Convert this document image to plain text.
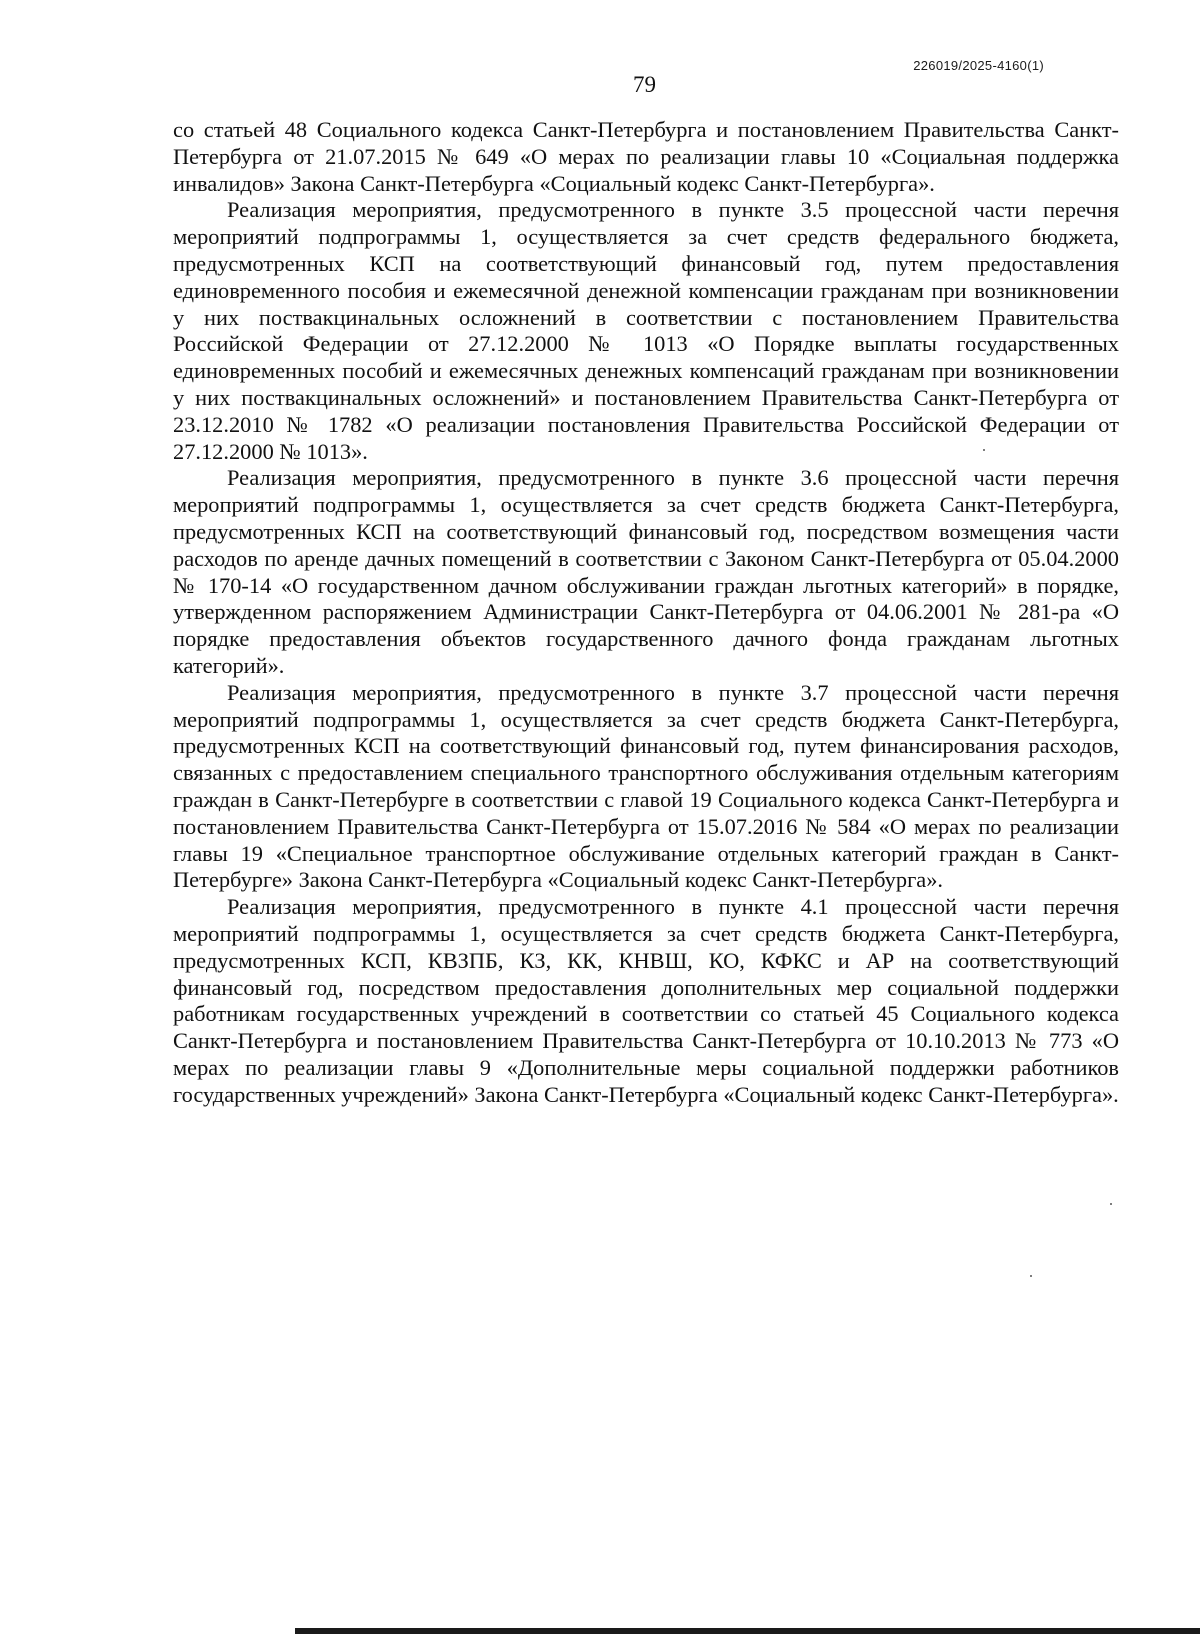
226019/2025-4160(1)
79

со статьей 48 Социального кодекса Санкт-Петербурга и постановлением Правительства Санкт-Петербурга от 21.07.2015 № 649 «О мерах по реализации главы 10 «Социальная поддержка инвалидов» Закона Санкт-Петербурга «Социальный кодекс Санкт-Петербурга».

Реализация мероприятия, предусмотренного в пункте 3.5 процессной части перечня мероприятий подпрограммы 1, осуществляется за счет средств федерального бюджета, предусмотренных КСП на соответствующий финансовый год, путем предоставления единовременного пособия и ежемесячной денежной компенсации гражданам при возникновении у них поствакцинальных осложнений в соответствии с постановлением Правительства Российской Федерации от 27.12.2000 № 1013 «О Порядке выплаты государственных единовременных пособий и ежемесячных денежных компенсаций гражданам при возникновении у них поствакцинальных осложнений» и постановлением Правительства Санкт-Петербурга от 23.12.2010 № 1782 «О реализации постановления Правительства Российской Федерации от 27.12.2000 № 1013».

Реализация мероприятия, предусмотренного в пункте 3.6 процессной части перечня мероприятий подпрограммы 1, осуществляется за счет средств бюджета Санкт-Петербурга, предусмотренных КСП на соответствующий финансовый год, посредством возмещения части расходов по аренде дачных помещений в соответствии с Законом Санкт-Петербурга от 05.04.2000 № 170-14 «О государственном дачном обслуживании граждан льготных категорий» в порядке, утвержденном распоряжением Администрации Санкт-Петербурга от 04.06.2001 № 281-ра «О порядке предоставления объектов государственного дачного фонда гражданам льготных категорий».

Реализация мероприятия, предусмотренного в пункте 3.7 процессной части перечня мероприятий подпрограммы 1, осуществляется за счет средств бюджета Санкт-Петербурга, предусмотренных КСП на соответствующий финансовый год, путем финансирования расходов, связанных с предоставлением специального транспортного обслуживания отдельным категориям граждан в Санкт-Петербурге в соответствии с главой 19 Социального кодекса Санкт-Петербурга и постановлением Правительства Санкт-Петербурга от 15.07.2016 № 584 «О мерах по реализации главы 19 «Специальное транспортное обслуживание отдельных категорий граждан в Санкт-Петербурге» Закона Санкт-Петербурга «Социальный кодекс Санкт-Петербурга».

Реализация мероприятия, предусмотренного в пункте 4.1 процессной части перечня мероприятий подпрограммы 1, осуществляется за счет средств бюджета Санкт-Петербурга, предусмотренных КСП, КВЗПБ, КЗ, КК, КНВШ, КО, КФКС и АР на соответствующий финансовый год, посредством предоставления дополнительных мер социальной поддержки работникам государственных учреждений в соответствии со статьей 45 Социального кодекса Санкт-Петербурга и постановлением Правительства Санкт-Петербурга от 10.10.2013 № 773 «О мерах по реализации главы 9 «Дополнительные меры социальной поддержки работников государственных учреждений» Закона Санкт-Петербурга «Социальный кодекс Санкт-Петербурга».
